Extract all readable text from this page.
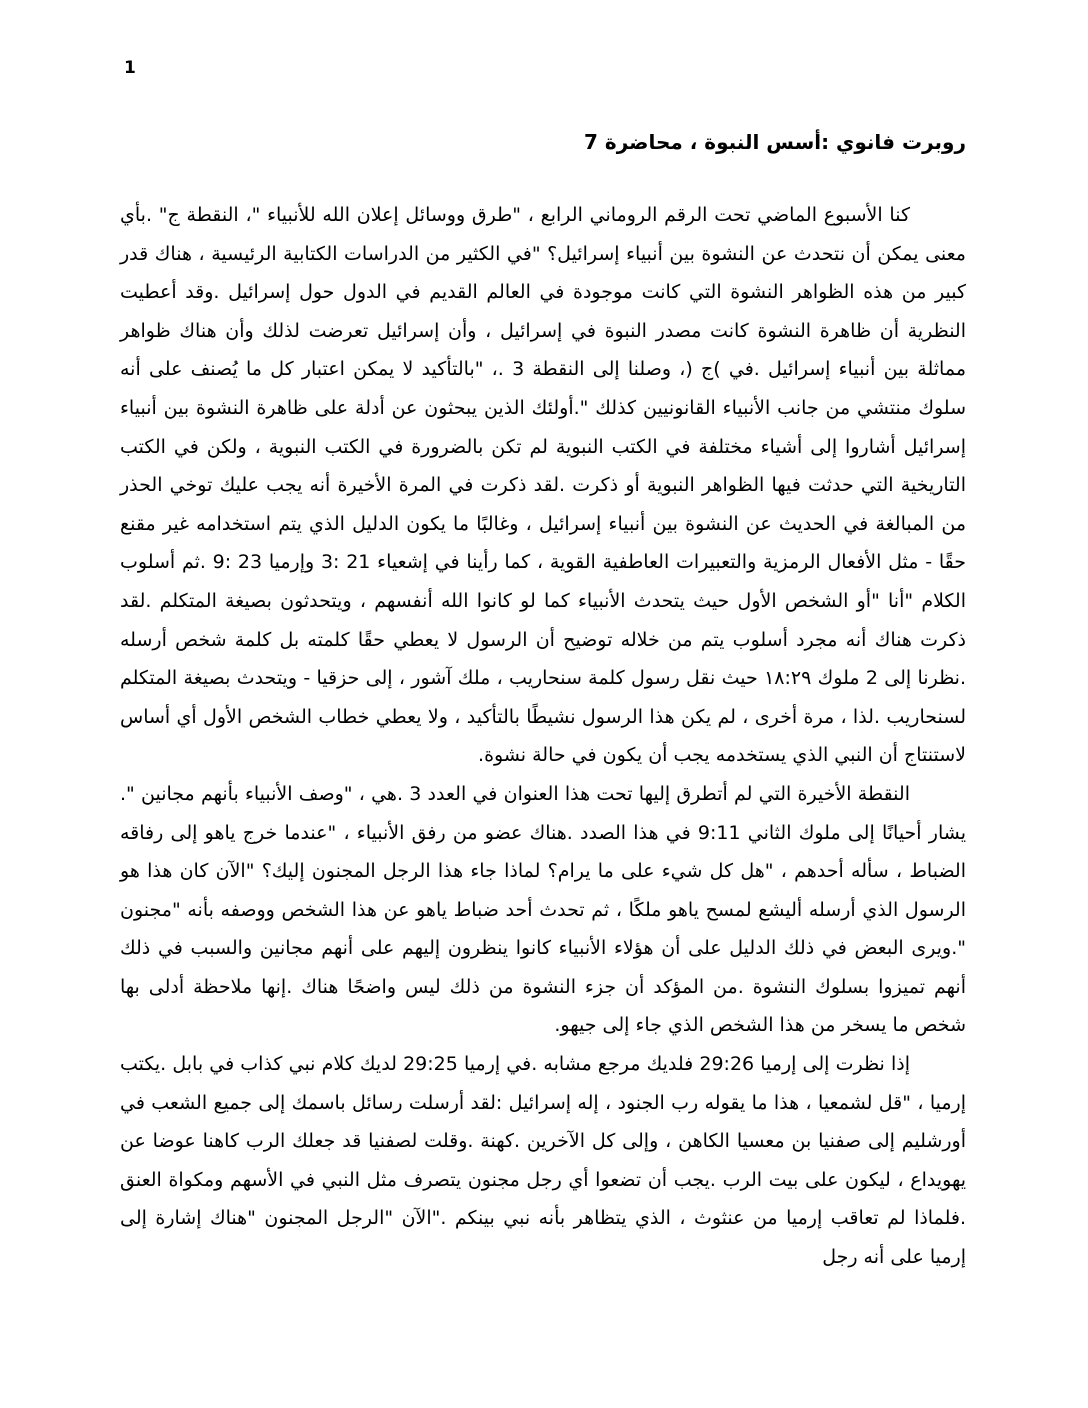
1
روبرت فانوي :أسس النبوة ، محاضرة 7

كنا الأسبوع الماضي تحت الرقم الروماني الرابع ، "طرق ووسائل إعلان الله للأنبياء "، النقطة ج" .بأي معنى يمكن أن نتحدث عن النشوة بين أنبياء إسرائيل؟ "في الكثير من الدراسات الكتابية الرئيسية ، هناك قدر كبير من هذه الظواهر النشوة التي كانت موجودة في العالم القديم في الدول حول إسرائيل .وقد أعطيت النظرية أن ظاهرة النشوة كانت مصدر النبوة في إسرائيل ، وأن إسرائيل تعرضت لذلك وأن هناك ظواهر مماثلة بين أنبياء إسرائيل .في )ج (، وصلنا إلى النقطة 3 .، "بالتأكيد لا يمكن اعتبار كل ما يُصنف على أنه سلوك منتشي من جانب الأنبياء القانونيين كذلك ".أولئك الذين يبحثون عن أدلة على ظاهرة النشوة بين أنبياء إسرائيل أشاروا إلى أشياء مختلفة في الكتب النبوية لم تكن بالضرورة في الكتب النبوية ، ولكن في الكتب التاريخية التي حدثت فيها الظواهر النبوية أو ذكرت .لقد ذكرت في المرة الأخيرة أنه يجب عليك توخي الحذر من المبالغة في الحديث عن النشوة بين أنبياء إسرائيل ، وغالبًا ما يكون الدليل الذي يتم استخدامه غير مقنع حقًا - مثل الأفعال الرمزية والتعبيرات العاطفية القوية ، كما رأينا في إشعياء 21 :3 وإرميا 23 :9 .ثم أسلوب الكلام "أنا "أو الشخص الأول حيث يتحدث الأنبياء كما لو كانوا الله أنفسهم ، ويتحدثون بصيغة المتكلم .لقد ذكرت هناك أنه مجرد أسلوب يتم من خلاله توضيح أن الرسول لا يعطي حقًا كلمته بل كلمة شخص أرسله .نظرنا إلى 2 ملوك ١٨:٢٩ حيث نقل رسول كلمة سنحاريب ، ملك آشور ، إلى حزقيا - ويتحدث بصيغة المتكلم لسنحاريب .لذا ، مرة أخرى ، لم يكن هذا الرسول نشيطًا بالتأكيد ، ولا يعطي خطاب الشخص الأول أي أساس لاستنتاج أن النبي الذي يستخدمه يجب أن يكون في حالة نشوة.

النقطة الأخيرة التي لم أتطرق إليها تحت هذا العنوان في العدد 3 .هي ، "وصف الأنبياء بأنهم مجانين ". يشار أحيانًا إلى ملوك الثاني 9:11 في هذا الصدد .هناك عضو من رفق الأنبياء ، "عندما خرج ياهو إلى رفاقه الضباط ، سأله أحدهم ، "هل كل شيء على ما يرام؟ لماذا جاء هذا الرجل المجنون إليك؟ "الآن كان هذا هو الرسول الذي أرسله أليشع لمسح ياهو ملكًا ، ثم تحدث أحد ضباط ياهو عن هذا الشخص ووصفه بأنه "مجنون ".ويرى البعض في ذلك الدليل على أن هؤلاء الأنبياء كانوا ينظرون إليهم على أنهم مجانين والسبب في ذلك أنهم تميزوا بسلوك النشوة .من المؤكد أن جزء النشوة من ذلك ليس واضحًا هناك .إنها ملاحظة أدلى بها شخص ما يسخر من هذا الشخص الذي جاء إلى جيهو.

إذا نظرت إلى إرميا 29:26 فلديك مرجع مشابه .في إرميا 29:25 لديك كلام نبي كذاب في بابل .يكتب إرميا ، "قل لشمعيا ، هذا ما يقوله رب الجنود ، إله إسرائيل :لقد أرسلت رسائل باسمك إلى جميع الشعب في أورشليم إلى صفنيا بن معسيا الكاهن ، وإلى كل الآخرين .كهنة .وقلت لصفنيا قد جعلك الرب كاهنا عوضا عن يهويداع ، ليكون على بيت الرب .يجب أن تضعوا أي رجل مجنون يتصرف مثل النبي في الأسهم ومكواة العنق .فلماذا لم تعاقب إرميا من عنثوث ، الذي يتظاهر بأنه نبي بينكم ."الآن "الرجل المجنون "هناك إشارة إلى إرميا على أنه رجل
